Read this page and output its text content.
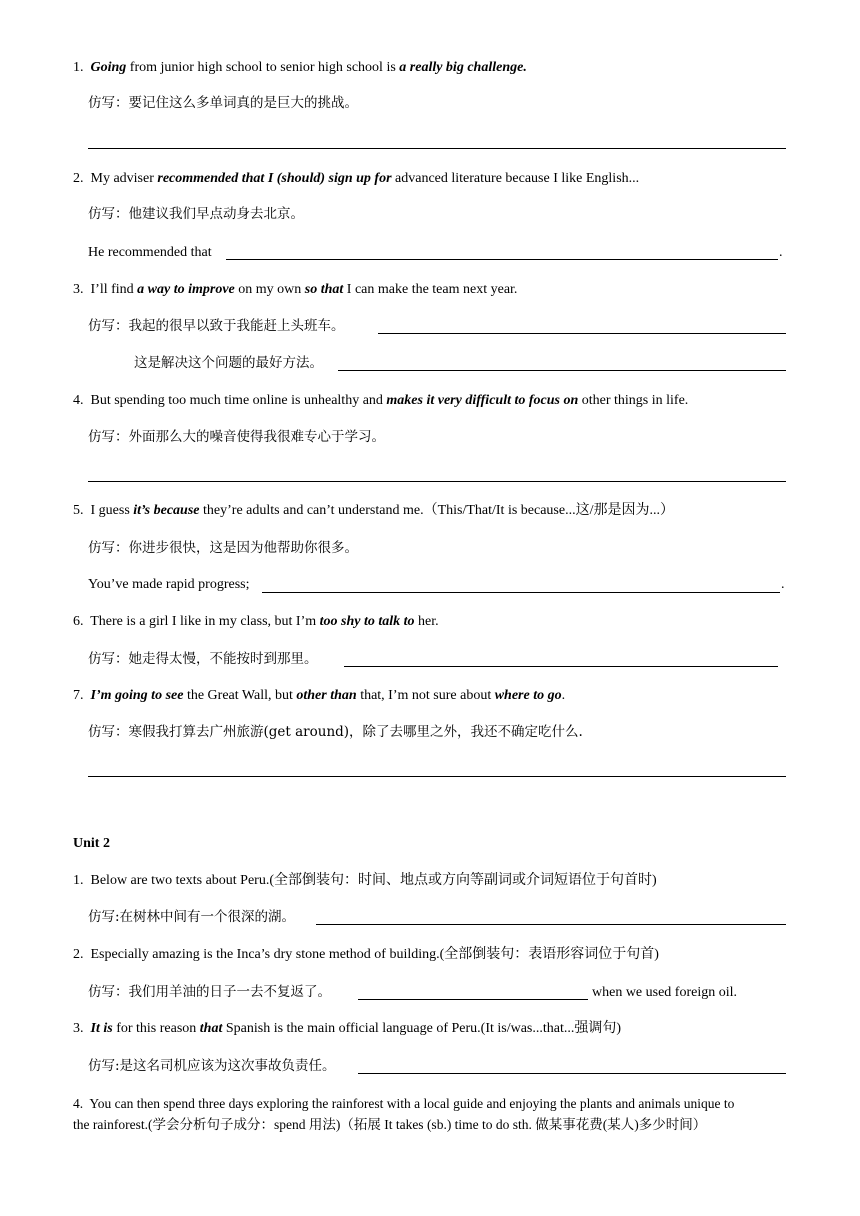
1. Going from junior high school to senior high school is a really big challenge.
仿写：要记住这么多单词真的是巨大的挑战。
2. My adviser recommended that I (should) sign up for advanced literature because I like English...
仿写：他建议我们早点动身去北京。
He recommended that	.
3. I’ll find a way to improve on my own so that I can make the team next year.
仿写：我起的很早以致于我能赶上头班车。
这是解决这个问题的最好方法。
4. But spending too much time online is unhealthy and makes it very difficult to focus on other things in life.
仿写：外面那么大的噪音使得我很难专心于学习。
5. I guess it’s because they’re adults and can’t understand me.（This/That/It is because...这/那是因为...）
仿写：你进步很快，这是因为他帮助你很多。
You’ve made rapid progress;	.
6. There is a girl I like in my class, but I’m too shy to talk to her.
仿写：她走得太慢，不能按时到那里。
7. I’m going to see the Great Wall, but other than that, I’m not sure about where to go.
仿写：寒假我打算去广州旅游(get around)，除了去哪里之外，我还不确定吃什么.
Unit 2
1. Below are two texts about Peru.(全部倒装句：时间、地点或方向等副词或介词短语位于句首时)
仿写:在树林中间有一个很深的湖。
2. Especially amazing is the Inca’s dry stone method of building.(全部倒装句：表语形容词位于句首)
仿写：我们用羊油的日子一去不复返了。	when we used foreign oil.
3. It is for this reason that Spanish is the main official language of Peru.(It is/was...that...强调句)
仿写:是这名司机应该为这次事故负责任。
4. You can then spend three days exploring the rainforest with a local guide and enjoying the plants and animals unique to
the rainforest.(学会分析句子成分：spend 用法)（拓展 It takes (sb.) time to do sth. 做某事花费(某人)多少时间）
